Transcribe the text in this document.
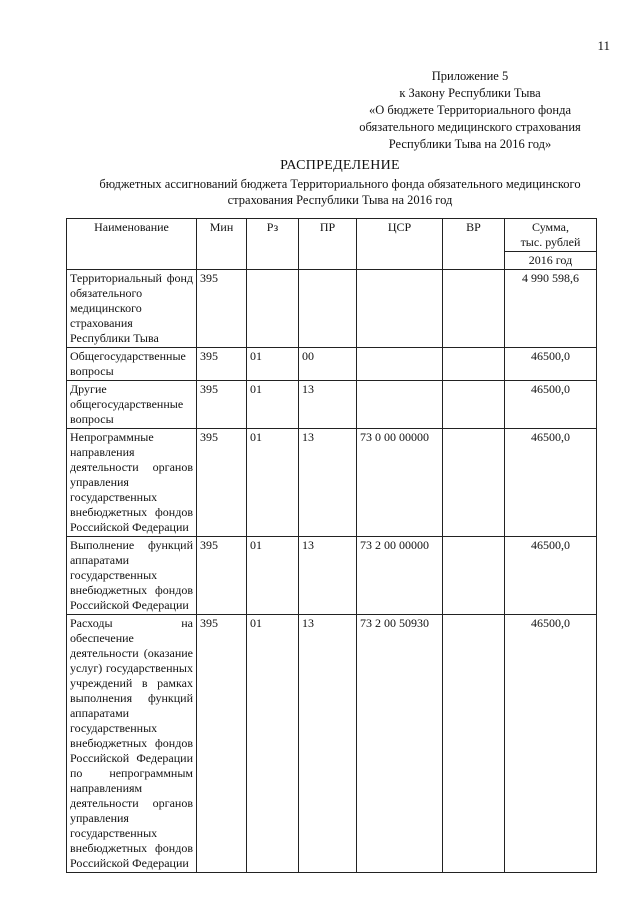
11
Приложение 5
к Закону Республики Тыва
«О бюджете Территориального фонда
обязательного медицинского страхования
Республики Тыва на 2016 год»
РАСПРЕДЕЛЕНИЕ
бюджетных ассигнований бюджета Территориального фонда обязательного медицинского
страхования Республики Тыва на 2016 год
Наименование	Мин	Рз	ПР	ЦСР	ВР	Сумма,
тыс. рублей

						2016 год
Территориальный фонд обязательного медицинского страхования Республики Тыва	395					4 990 598,6
Общегосударственные вопросы	395	01	00			46500,0
Другие общегосударственные вопросы	395	01	13			46500,0
Непрограммные направления деятельности органов управления государственных внебюджетных фондов Российской Федерации	395	01	13	73 0 00 00000		46500,0
Выполнение функций аппаратами государственных внебюджетных фондов Российской Федерации	395	01	13	73 2 00 00000		46500,0
Расходы на обеспечение деятельности (оказание услуг) государственных учреждений в рамках выполнения функций аппаратами государственных внебюджетных фондов Российской Федерации по непрограммным направлениям деятельности органов управления государственных внебюджетных фондов Российской Федерации	395	01	13	73 2 00 50930		46500,0
